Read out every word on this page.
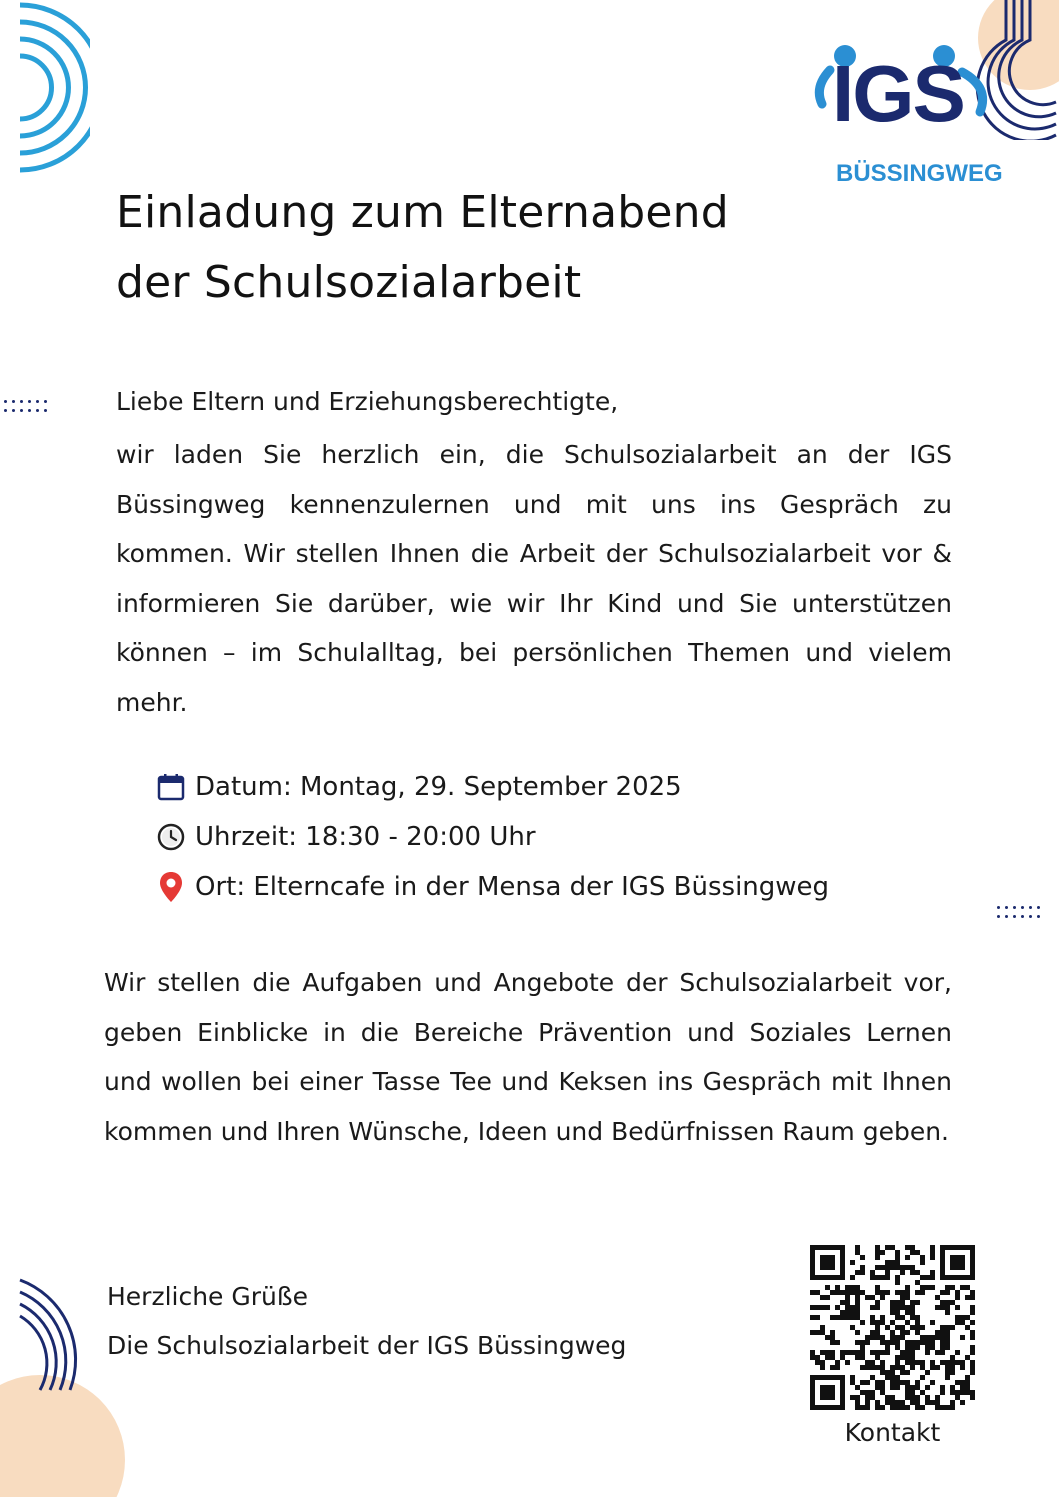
IGS
BÜSSINGWEG
Einladung zum Elternabend
der Schulsozialarbeit
Liebe Eltern und Erziehungsberechtigte,
wir laden Sie herzlich ein, die Schulsozialarbeit an der IGS Büssingweg kennenzulernen und mit uns ins Gespräch zu kommen. Wir stellen Ihnen die Arbeit der Schulsozialarbeit vor & informieren Sie darüber, wie wir Ihr Kind und Sie unterstützen können – im Schulalltag, bei persönlichen Themen und vielem mehr.
Datum: Montag, 29. September 2025
Uhrzeit: 18:30 - 20:00 Uhr
Ort: Elterncafe in der Mensa der IGS Büssingweg
Wir stellen die Aufgaben und Angebote der Schulsozialarbeit vor, geben Einblicke in die Bereiche Prävention und Soziales Lernen und wollen bei einer Tasse Tee und Keksen ins Gespräch mit Ihnen kommen und Ihren Wünsche, Ideen und Bedürfnissen Raum geben.
Herzliche Grüße
Die Schulsozialarbeit der IGS Büssingweg
Kontakt
